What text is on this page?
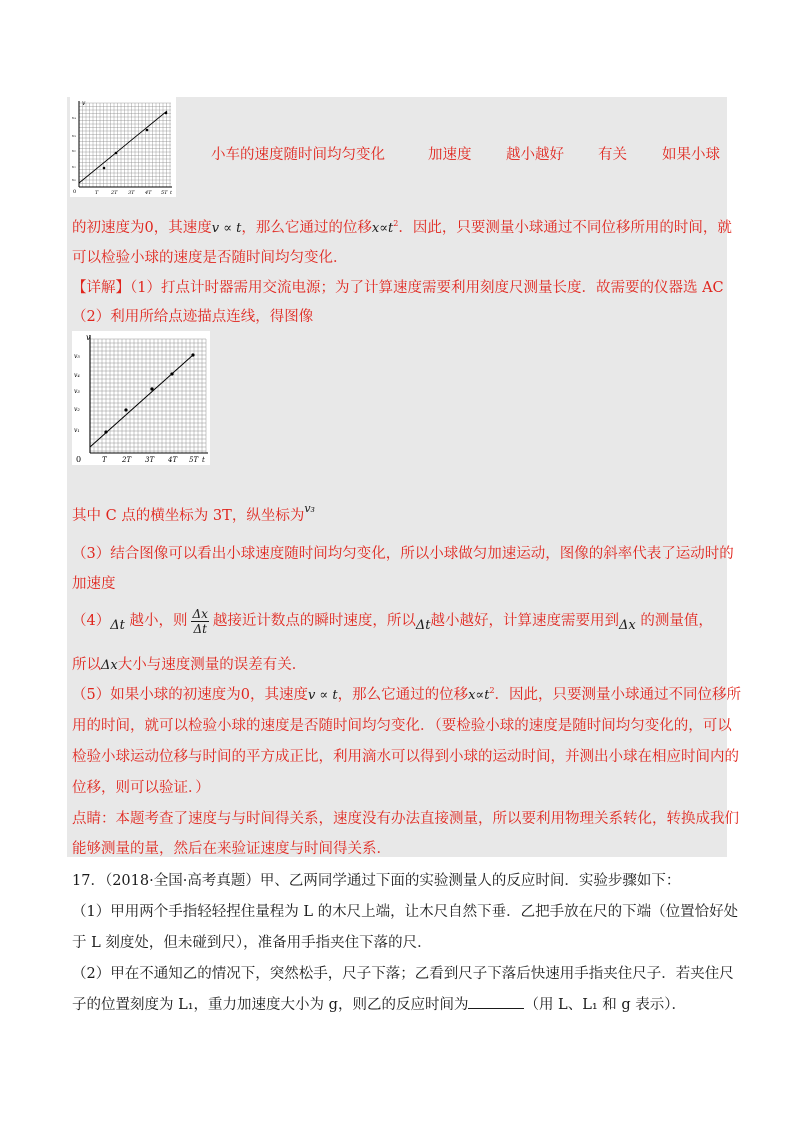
v
0
v₄
v₃
v₂
v₁
v₀
T	2T 3T 4T 5T t
小车的速度随时间均匀变化	加速度 越小越好 有关 如果小球
的初速度为0，其速度v ∝ t，那么它通过的位移$x\propto t^2$．因此，只要测量小球通过不同位移所用的时间，就
可以检验小球的速度是否随时间均匀变化．
【详解】（1）打点计时器需用交流电源；为了计算速度需要利用刻度尺测量长度．故需要的仪器选 AC
（2）利用所给点迹描点连线，得图像
v
0
v₅
v₄
v₃
v₂
v₁
T 2T 3T 4T 5T t
其中 C 点的横坐标为 3T，纵坐标为$^{v_3}$
（3）结合图像可以看出小球速度随时间均匀变化，所以小球做匀加速运动，图像的斜率代表了运动时的
加速度
（4）Δt 越小，则 $\frac{\Delta x}{\Delta t}$ 越接近计数点的瞬时速度，所以Δt越小越好，计算速度需要用到Δx 的测量值，
所以Δx大小与速度测量的误差有关．
（5）如果小球的初速度为0，其速度v ∝ t，那么它通过的位移$x\propto t^2$．因此，只要测量小球通过不同位移所
用的时间，就可以检验小球的速度是否随时间均匀变化．（要检验小球的速度是随时间均匀变化的，可以
检验小球运动位移与时间的平方成正比，利用滴水可以得到小球的运动时间，并测出小球在相应时间内的
位移，则可以验证．）
点睛：本题考查了速度与与时间得关系，速度没有办法直接测量，所以要利用物理关系转化，转换成我们
能够测量的量，然后在来验证速度与时间得关系．
17．（2018·全国·高考真题）甲、乙两同学通过下面的实验测量人的反应时间．实验步骤如下：
（1）甲用两个手指轻轻捏住量程为 L 的木尺上端，让木尺自然下垂．乙把手放在尺的下端（位置恰好处
于 L 刻度处，但未碰到尺），准备用手指夹住下落的尺．
（2）甲在不通知乙的情况下，突然松手，尺子下落；乙看到尺子下落后快速用手指夹住尺子．若夹住尺
子的位置刻度为 L₁，重力加速度大小为 g，则乙的反应时间为	（用 L、L₁ 和 g 表示）．
